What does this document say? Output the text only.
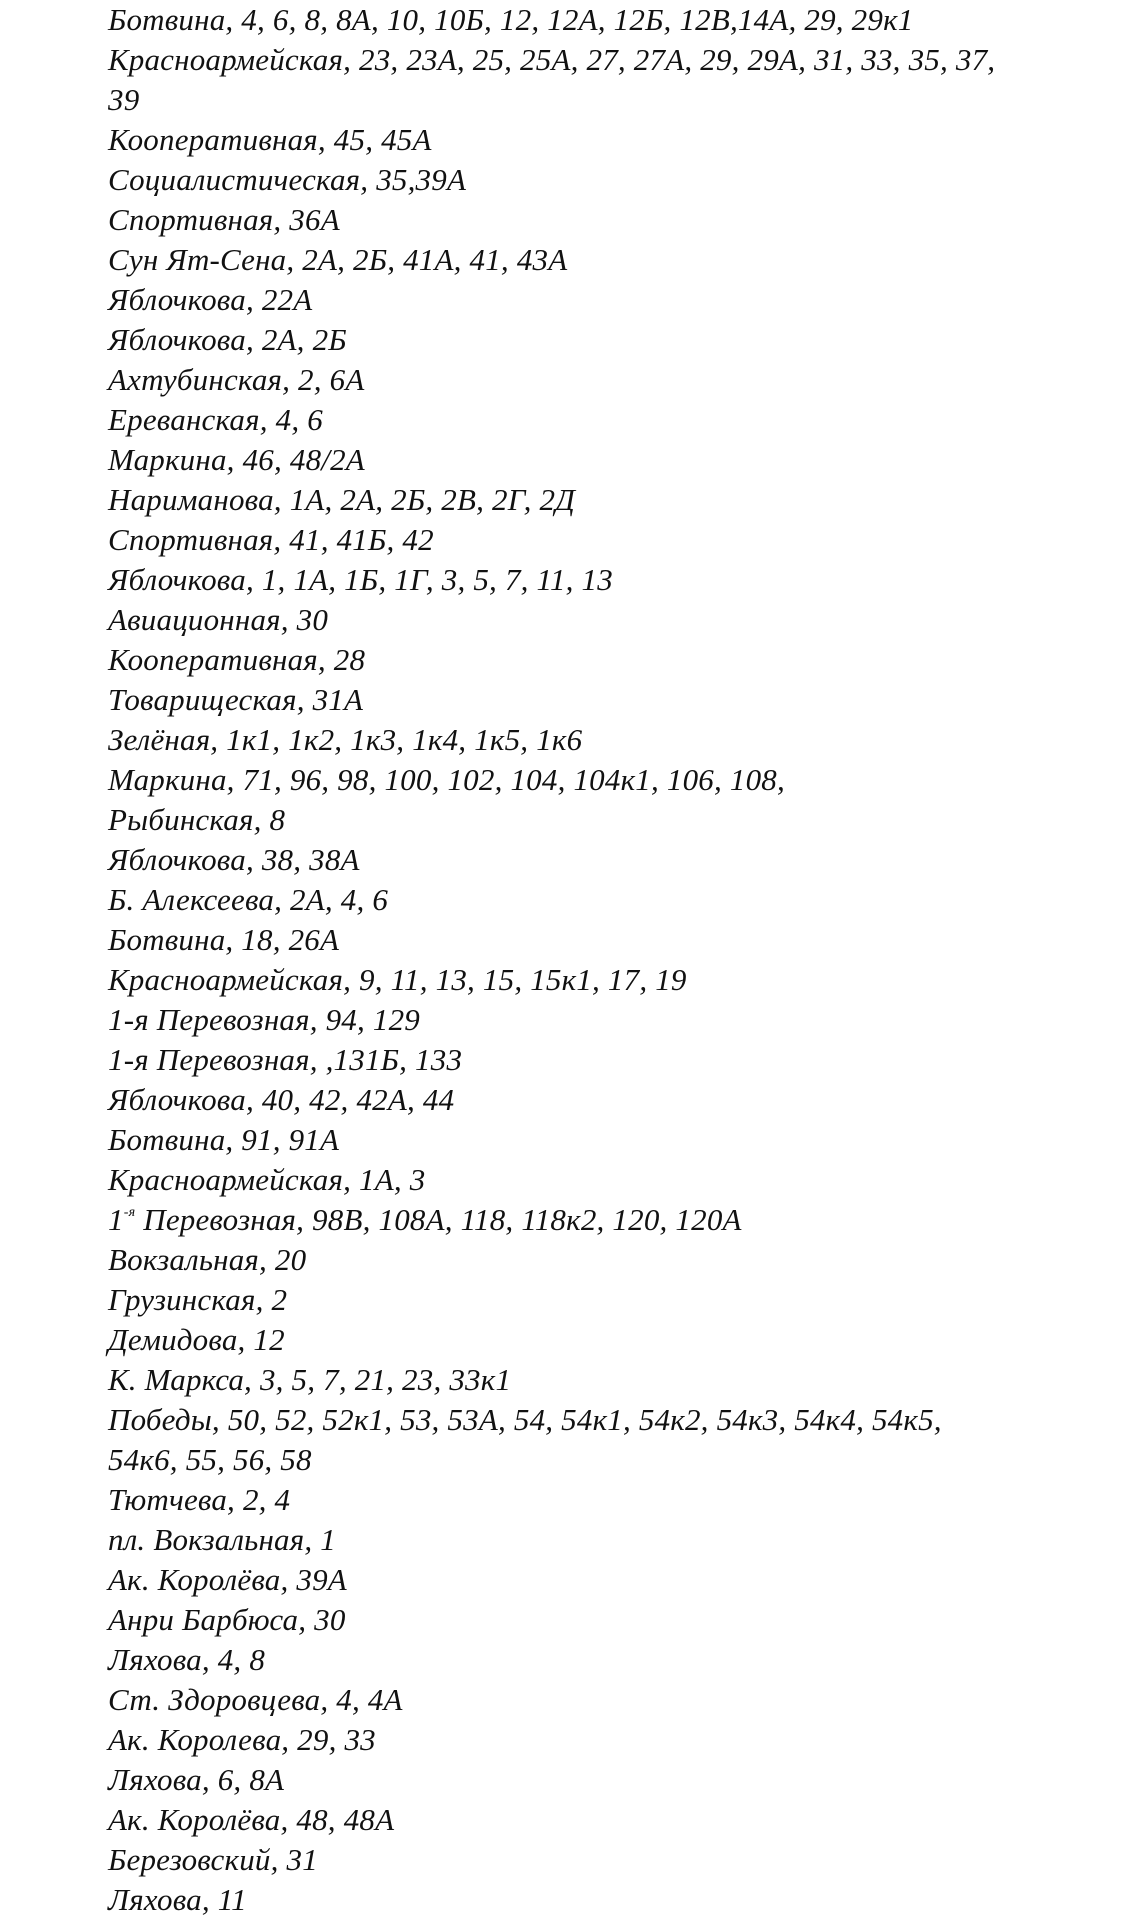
Ботвина, 4, 6, 8, 8А, 10, 10Б, 12, 12А, 12Б, 12В,14А, 29, 29к1
Красноармейская, 23, 23А, 25, 25А, 27, 27А, 29, 29А, 31, 33, 35, 37,
39
Кооперативная, 45, 45А
Социалистическая, 35,39А
Спортивная, 36А
Сун Ят-Сена, 2А, 2Б, 41А, 41, 43А
Яблочкова, 22А
Яблочкова, 2А, 2Б
Ахтубинская, 2, 6А
Ереванская, 4, 6
Маркина, 46, 48/2А
Нариманова, 1А, 2А, 2Б, 2В, 2Г, 2Д
Спортивная, 41, 41Б, 42
Яблочкова, 1, 1А, 1Б, 1Г, 3, 5, 7, 11, 13
Авиационная, 30
Кооперативная, 28
Товарищеская, 31А
Зелёная, 1к1, 1к2, 1к3, 1к4, 1к5, 1к6
Маркина, 71, 96, 98, 100, 102, 104, 104к1, 106, 108,
Рыбинская, 8
Яблочкова, 38, 38А
Б. Алексеева, 2А, 4, 6
Ботвина, 18, 26А
Красноармейская, 9, 11, 13, 15, 15к1, 17, 19
1-я Перевозная, 94, 129
1-я Перевозная, ,131Б, 133
Яблочкова, 40, 42, 42А, 44
Ботвина, 91, 91А
Красноармейская, 1А, 3
$1^{-я}$ Перевозная, 98В, 108А, 118, 118к2, 120, 120А
Вокзальная, 20
Грузинская, 2
Демидова, 12
К. Маркса, 3, 5, 7, 21, 23, 33к1
Победы, 50, 52, 52к1, 53, 53А, 54, 54к1, 54к2, 54к3, 54к4, 54к5,
54к6, 55, 56, 58
Тютчева, 2, 4
пл. Вокзальная, 1
Ак. Королёва, 39А
Анри Барбюса, 30
Ляхова, 4, 8
Ст. Здоровцева, 4, 4А
Ак. Королева, 29, 33
Ляхова, 6, 8А
Ак. Королёва, 48, 48А
Березовский, 31
Ляхова, 11
